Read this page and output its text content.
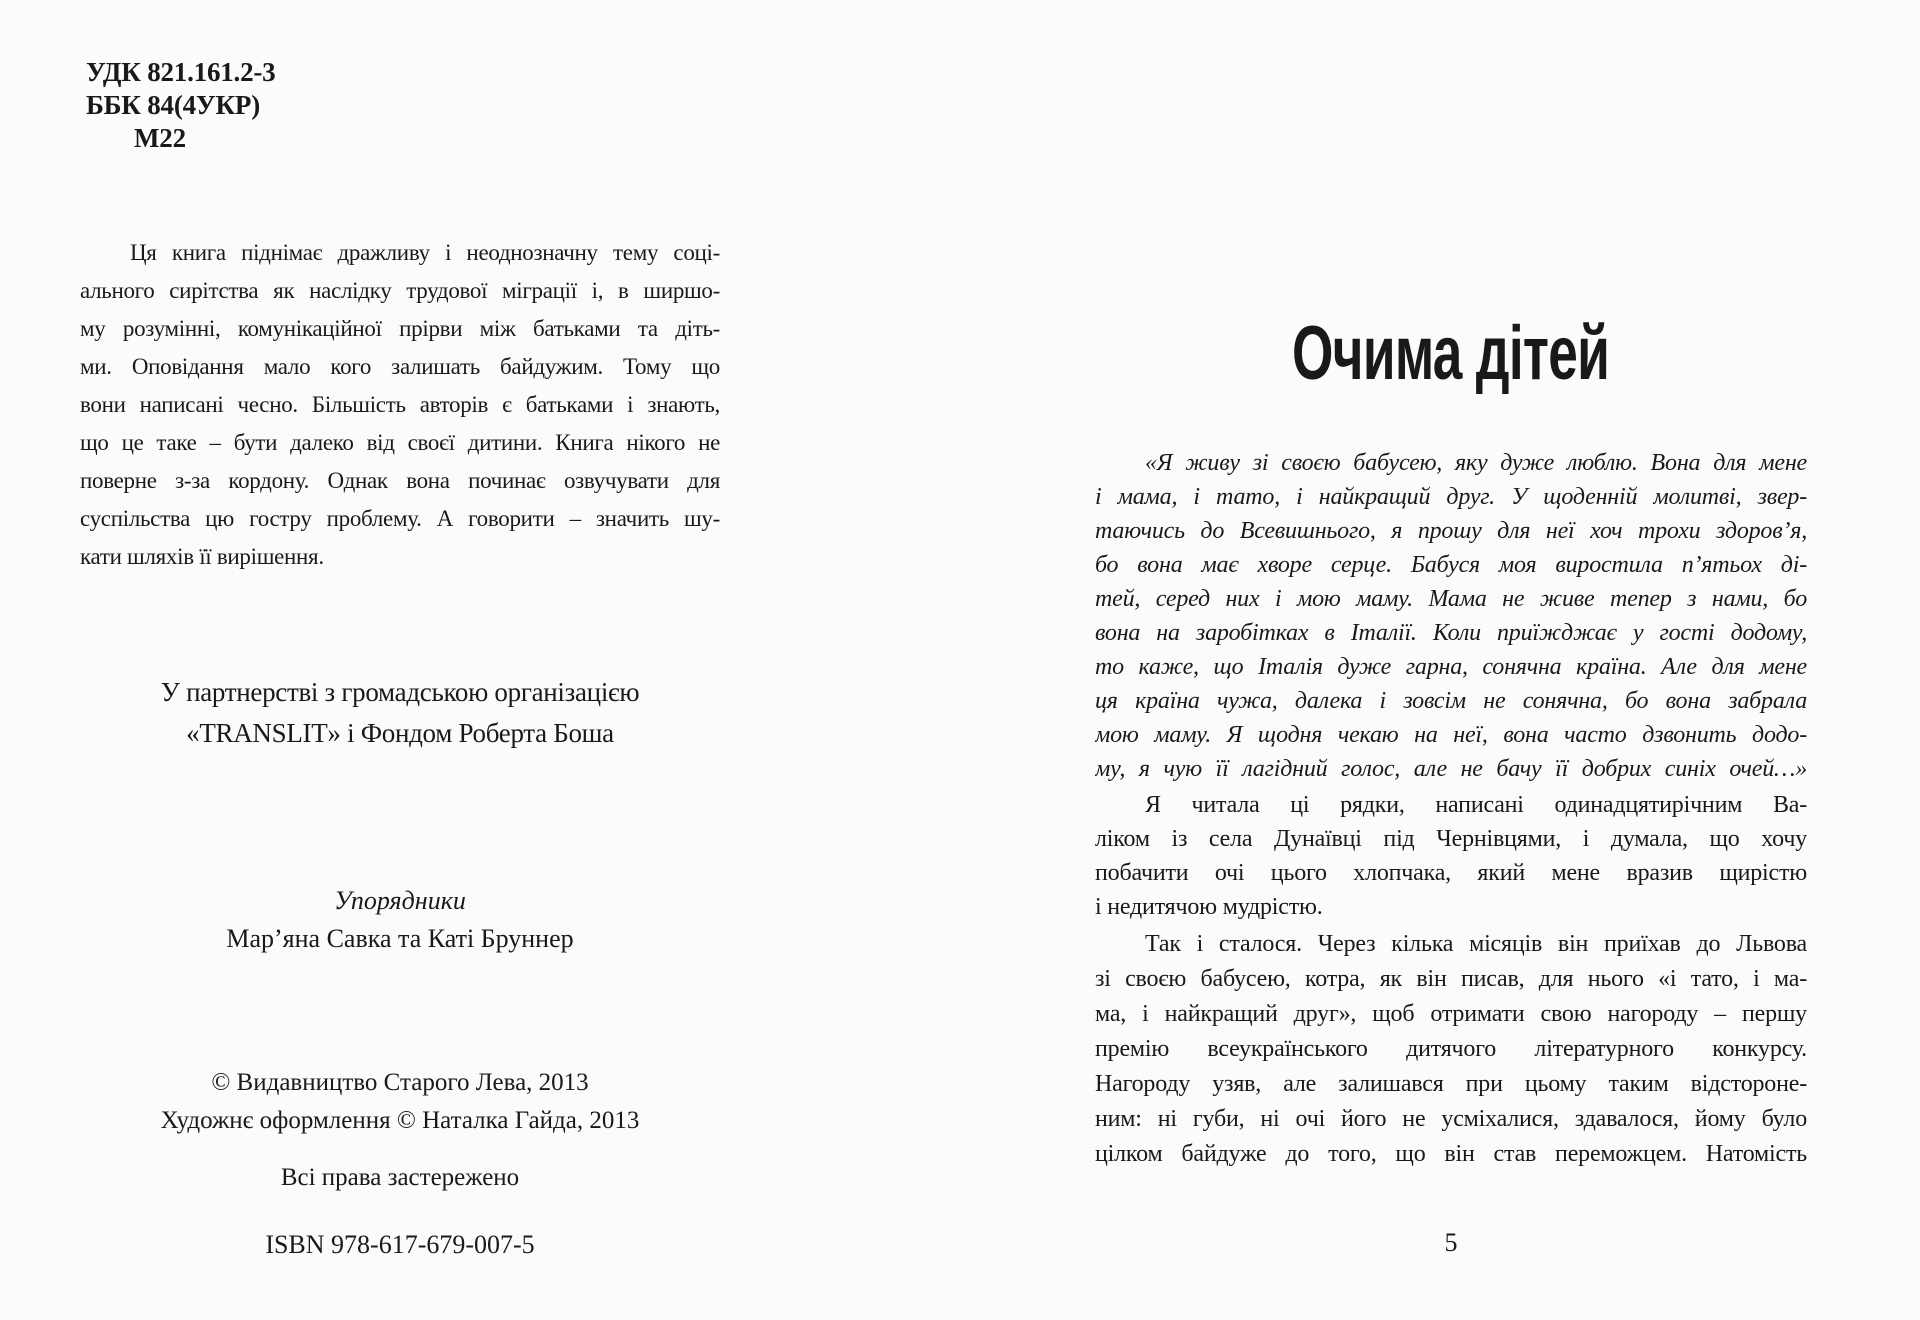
УДК 821.161.2-3
ББК 84(4УКР)
М22
Ця книга піднімає дражливу і неоднозначну тему соці-
ального сирітства як наслідку трудової міграції і, в ширшо-
му розумінні, комунікаційної прірви між батьками та діть-
ми. Оповідання мало кого залишать байдужим. Тому що
вони написані чесно. Більшість авторів є батьками і знають,
що це таке – бути далеко від своєї дитини. Книга нікого не
поверне з-за кордону. Однак вона починає озвучувати для
суспільства цю гостру проблему. А говорити – значить шу-
кати шляхів її вирішення.
У партнерстві з громадською організацією
«TRANSLIT» і Фондом Роберта Боша
Упорядники
Мар’яна Савка та Каті Бруннер
© Видавництво Старого Лева, 2013
Художнє оформлення © Наталка Гайда, 2013
Всі права застережено
ISBN 978-617-679-007-5
Очима дітей
«Я живу зі своєю бабусею, яку дуже люблю. Вона для мене
і мама, і тато, і найкращий друг. У щоденній молитві, звер-
таючись до Всевишнього, я прошу для неї хоч трохи здоров’я,
бо вона має хворе серце. Бабуся моя виростила п’ятьох ді-
тей, серед них і мою маму. Мама не живе тепер з нами, бо
вона на заробітках в Італії. Коли приїжджає у гості додому,
то каже, що Італія дуже гарна, сонячна країна. Але для мене
ця країна чужа, далека і зовсім не сонячна, бо вона забрала
мою маму. Я щодня чекаю на неї, вона часто дзвонить додо-
му, я чую її лагідний голос, але не бачу її добрих синіх очей…»
Я читала ці рядки, написані одинадцятирічним Ва-
ліком із села Дунаївці під Чернівцями, і думала, що хочу
побачити очі цього хлопчака, який мене вразив щирістю
і недитячою мудрістю.
Так і сталося. Через кілька місяців він приїхав до Львова
зі своєю бабусею, котра, як він писав, для нього «і тато, і ма-
ма, і найкращий друг», щоб отримати свою нагороду – першу
премію всеукраїнського дитячого літературного конкурсу.
Нагороду узяв, але залишався при цьому таким відстороне-
ним: ні губи, ні очі його не усміхалися, здавалося, йому було
цілком байдуже до того, що він став переможцем. Натомість
5
